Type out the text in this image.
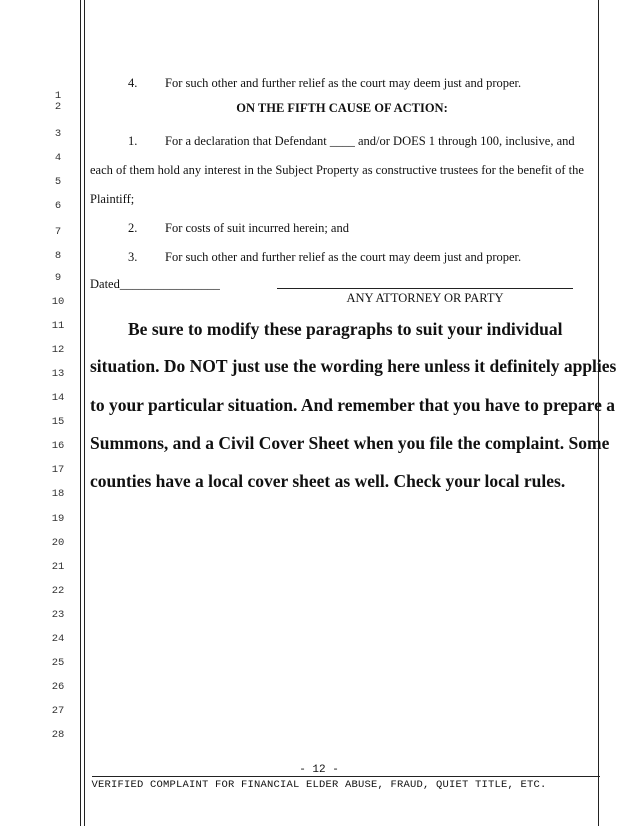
1
2
3
4
5
6
7
8
9
10
11
12
13
14
15
16
17
18
19
20
21
22
23
24
25
26
27
28
4. For such other and further relief as the court may deem just and proper.
ON THE FIFTH CAUSE OF ACTION:
1. For a declaration that Defendant ____ and/or DOES 1 through 100, inclusive, and
each of them hold any interest in the Subject Property as constructive trustees for the benefit of the
Plaintiff;
2. For costs of suit incurred herein; and
3. For such other and further relief as the court may deem just and proper.
Dated________________
ANY ATTORNEY OR PARTY
Be sure to modify these paragraphs to suit your individual
situation. Do NOT just use the wording here unless it definitely applies
to your particular situation. And remember that you have to prepare a
Summons, and a Civil Cover Sheet when you file the complaint. Some
counties have a local cover sheet as well. Check your local rules.
- 12 -
VERIFIED COMPLAINT FOR FINANCIAL ELDER ABUSE, FRAUD, QUIET TITLE, ETC.
